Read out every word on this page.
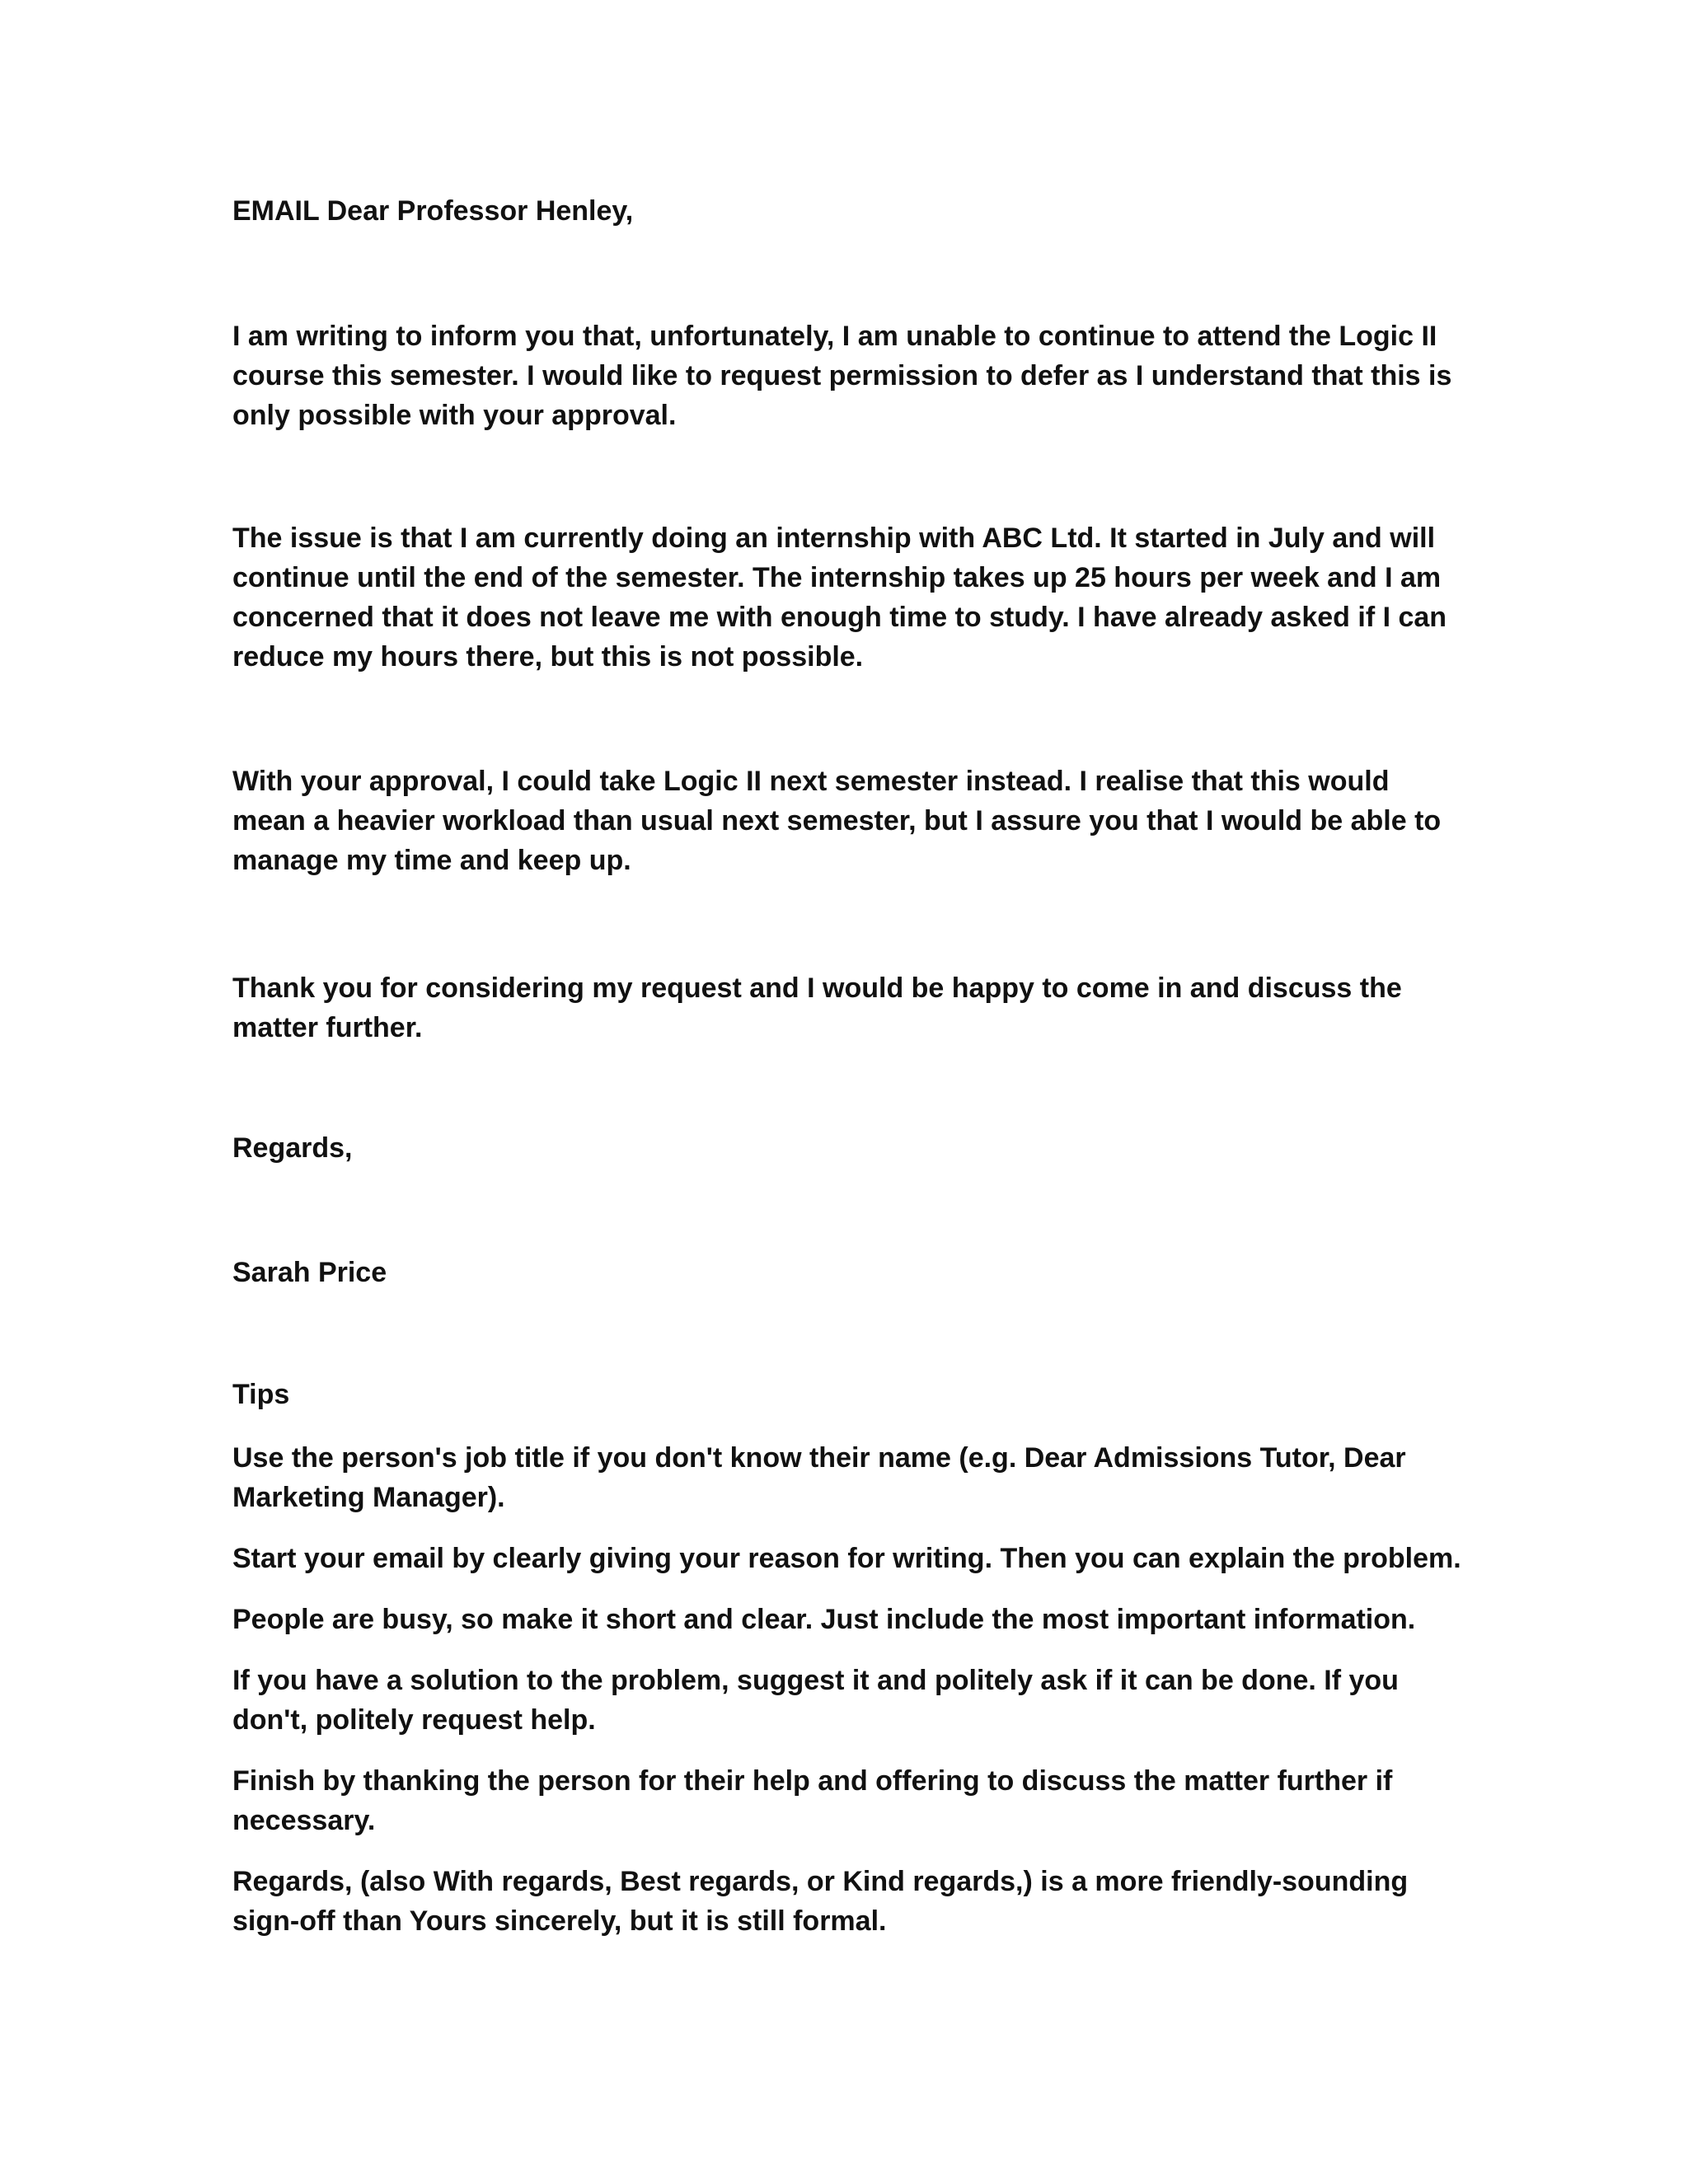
EMAIL Dear Professor Henley,

I am writing to inform you that, unfortunately, I am unable to continue to attend the Logic II course this semester. I would like to request permission to defer as I understand that this is only possible with your approval.

The issue is that I am currently doing an internship with ABC Ltd. It started in July and will continue until the end of the semester. The internship takes up 25 hours per week and I am concerned that it does not leave me with enough time to study. I have already asked if I can reduce my hours there, but this is not possible.

With your approval, I could take Logic II next semester instead. I realise that this would mean a heavier workload than usual next semester, but I assure you that I would be able to manage my time and keep up.

Thank you for considering my request and I would be happy to come in and discuss the matter further.

Regards,

Sarah Price

Tips

Use the person's job title if you don't know their name (e.g. Dear Admissions Tutor, Dear Marketing Manager).
Start your email by clearly giving your reason for writing. Then you can explain the problem.
People are busy, so make it short and clear. Just include the most important information.
If you have a solution to the problem, suggest it and politely ask if it can be done. If you don't, politely request help.
Finish by thanking the person for their help and offering to discuss the matter further if necessary.
Regards, (also With regards, Best regards, or Kind regards,) is a more friendly-sounding sign-off than Yours sincerely, but it is still formal.
